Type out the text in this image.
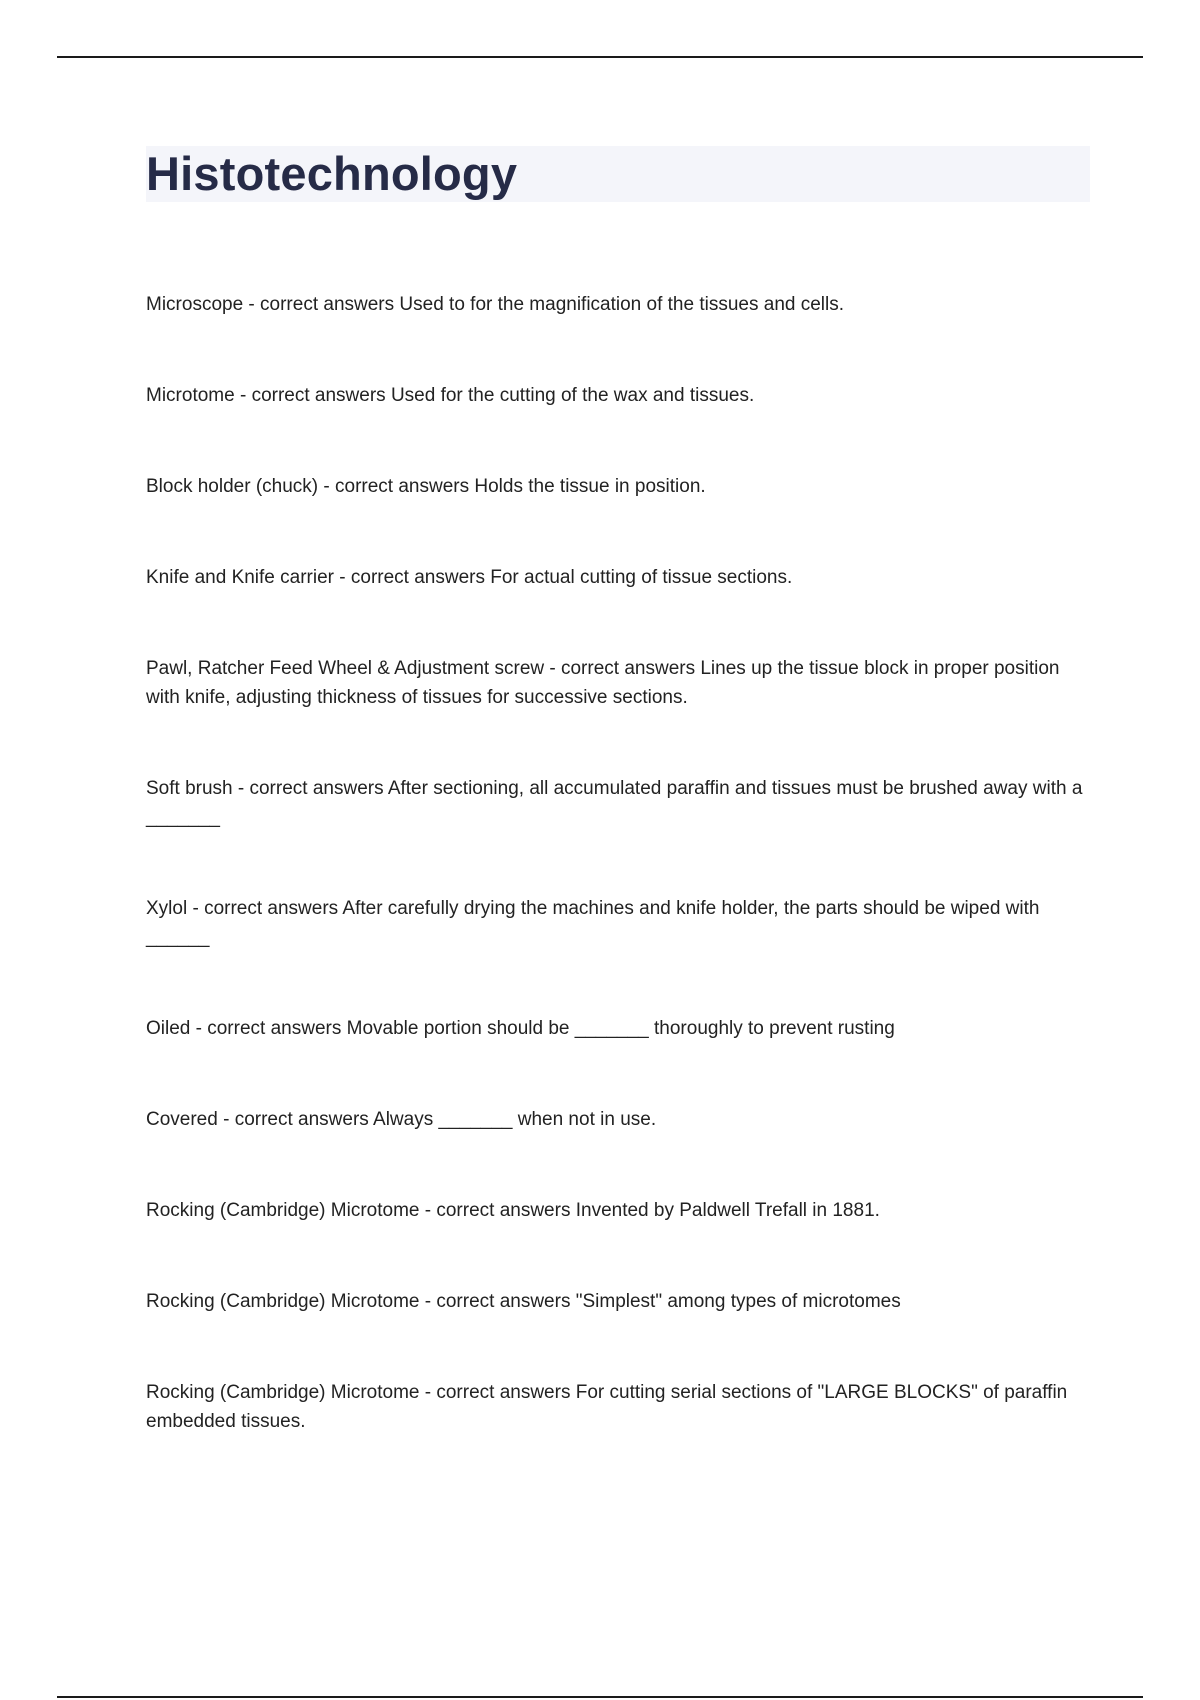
Histotechnology

Microscope - correct answers Used to for the magnification of the tissues and cells.

Microtome - correct answers Used for the cutting of the wax and tissues.

Block holder (chuck) - correct answers Holds the tissue in position.

Knife and Knife carrier - correct answers For actual cutting of tissue sections.

Pawl, Ratcher Feed Wheel & Adjustment screw - correct answers Lines up the tissue block in proper position with knife, adjusting thickness of tissues for successive sections.

Soft brush - correct answers After sectioning, all accumulated paraffin and tissues must be brushed away with a _______

Xylol - correct answers After carefully drying the machines and knife holder, the parts should be wiped with ______

Oiled - correct answers Movable portion should be _______ thoroughly to prevent rusting

Covered - correct answers Always _______ when not in use.

Rocking (Cambridge) Microtome - correct answers Invented by Paldwell Trefall in 1881.

Rocking (Cambridge) Microtome - correct answers "Simplest" among types of microtomes

Rocking (Cambridge) Microtome - correct answers For cutting serial sections of "LARGE BLOCKS" of paraffin embedded tissues.
